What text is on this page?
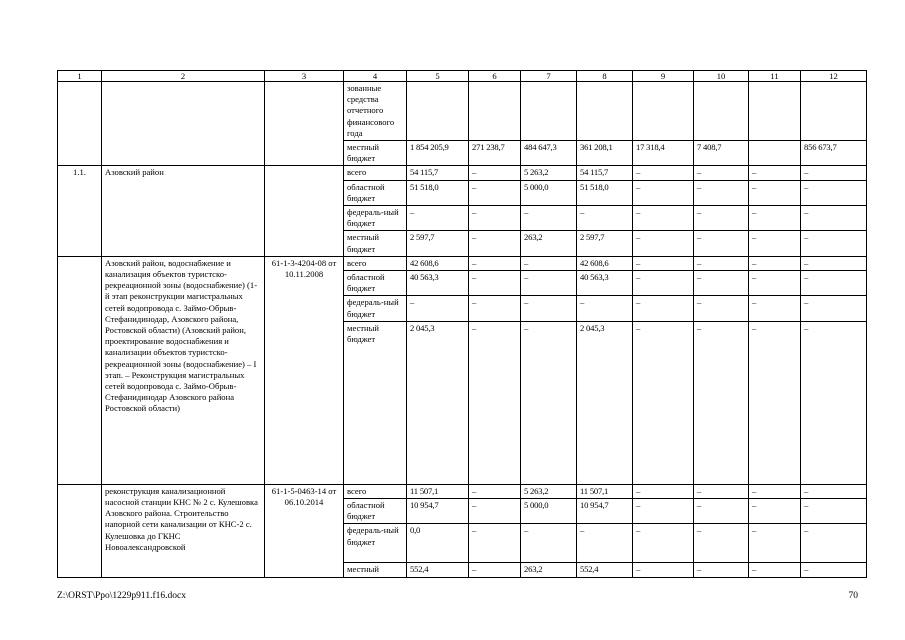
1	2	3	4	5	6	7	8	9	10	11	12
			зованные средства отчетного финансового года								
			местный бюджет	1 854 205,9	271 238,7	484 647,3	361 208,1	17 318,4	7 408,7		856 673,7
1.1.	Азовский район		всего	54 115,7	–	5 263,2	54 115,7	–	–	–	–
			областной бюджет	51 518,0	–	5 000,0	51 518,0	–	–	–	–
			федераль-ный бюджет	–	–	–	–	–	–	–	–
			местный бюджет	2 597,7	–	263,2	2 597,7	–	–	–	–
	Азовский район, водоснабжение и канализация объектов туристско-рекреационной зоны (водоснабжение) (1-й этап реконструкции магистральных сетей водопровода с. Займо-Обрыв-Стефанидинодар, Азовского района, Ростовской области) (Азовский район, проектирование водоснабжения и канализации объектов туристско-рекреационной зоны (водоснабжение) – I этап. – Реконструкция магистральных сетей водопровода с. Займо-Обрыв-Стефанидинодар Азовского района Ростовской области)	61-1-3-4204-08 от 10.11.2008	всего	42 608,6	–	–	42 608,6	–	–	–	–
			областной бюджет	40 563,3	–	–	40 563,3	–	–	–	–
			федераль-ный бюджет	–	–	–	–	–	–	–	–
			местный бюджет	2 045,3	–	–	2 045,3	–	–	–	–
	реконструкция канализационной насосной станции КНС № 2 с. Кулешовка Азовского района. Строительство напорной сети канализации от КНС-2 с. Кулешовка до ГКНС Новоалександровской	61-1-5-0463-14 от 06.10.2014	всего	11 507,1	–	5 263,2	11 507,1	–	–	–	–
			областной бюджет	10 954,7	–	5 000,0	10 954,7	–	–	–	–
			федераль-ный бюджет	0,0	–	–	–	–	–	–	–
			местный	552,4	–	263,2	552,4	–	–	–	–
Z:\ORST\Ppo\1229p911.f16.docx	70
